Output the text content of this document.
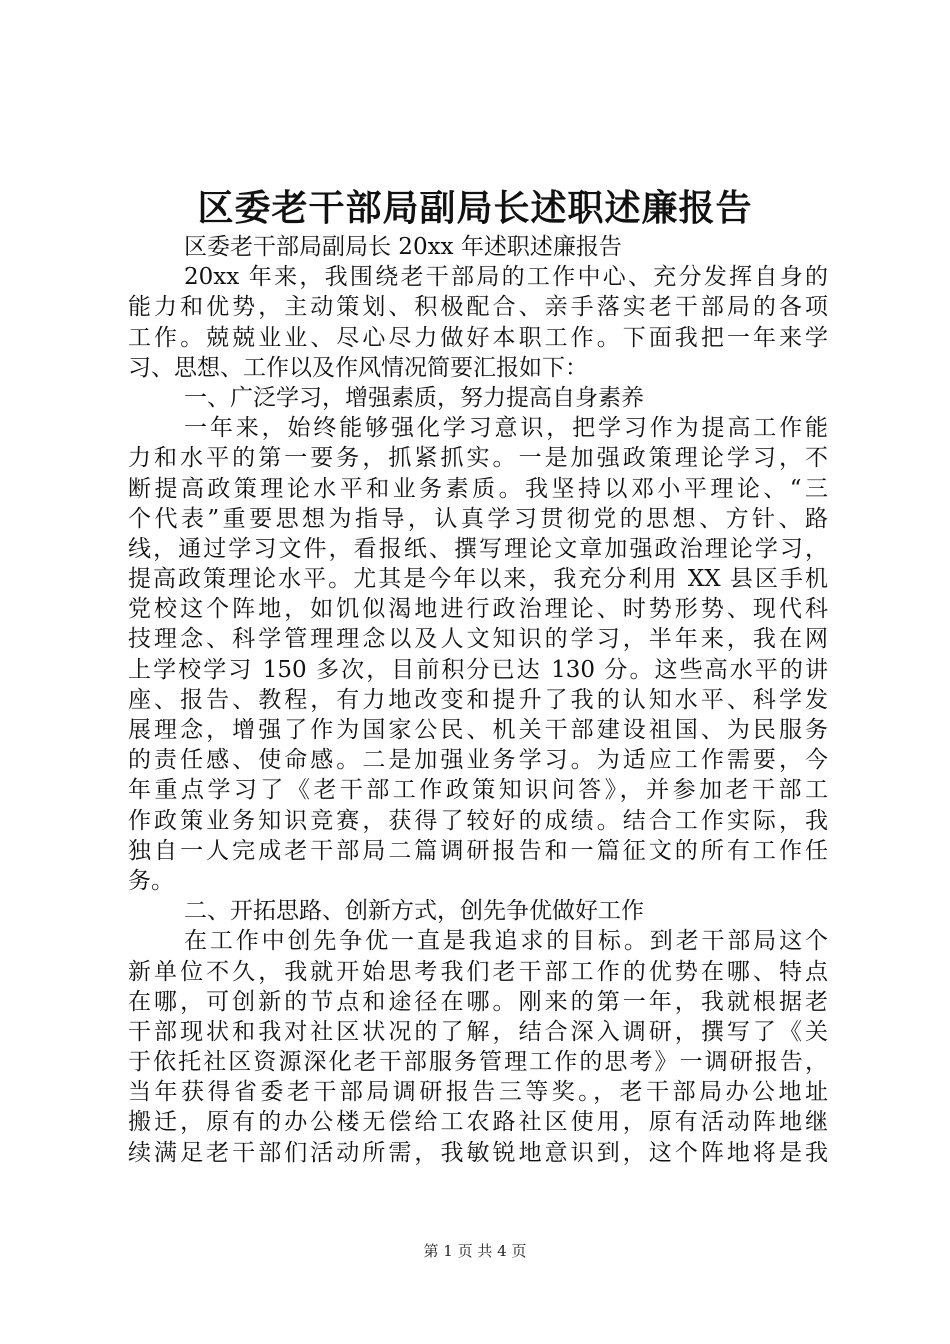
区委老干部局副局长述职述廉报告
区委老干部局副局长 20xx 年述职述廉报告
20xx 年来，我围绕老干部局的工作中心、充分发挥自身的
能力和优势，主动策划、积极配合、亲手落实老干部局的各项
工作。兢兢业业、尽心尽力做好本职工作。下面我把一年来学
习、思想、工作以及作风情况简要汇报如下：
一、广泛学习，增强素质，努力提高自身素养
一年来，始终能够强化学习意识，把学习作为提高工作能
力和水平的第一要务，抓紧抓实。一是加强政策理论学习，不
断提高政策理论水平和业务素质。我坚持以邓小平理论、“三
个代表”重要思想为指导，认真学习贯彻党的思想、方针、路
线，通过学习文件，看报纸、撰写理论文章加强政治理论学习，
提高政策理论水平。尤其是今年以来，我充分利用 XX 县区手机
党校这个阵地，如饥似渴地进行政治理论、时势形势、现代科
技理念、科学管理理念以及人文知识的学习，半年来，我在网
上学校学习 150 多次，目前积分已达 130 分。这些高水平的讲
座、报告、教程，有力地改变和提升了我的认知水平、科学发
展理念，增强了作为国家公民、机关干部建设祖国、为民服务
的责任感、使命感。二是加强业务学习。为适应工作需要，今
年重点学习了《老干部工作政策知识问答》，并参加老干部工
作政策业务知识竞赛，获得了较好的成绩。结合工作实际，我
独自一人完成老干部局二篇调研报告和一篇征文的所有工作任
务。
二、开拓思路、创新方式，创先争优做好工作
在工作中创先争优一直是我追求的目标。到老干部局这个
新单位不久，我就开始思考我们老干部工作的优势在哪、特点
在哪，可创新的节点和途径在哪。刚来的第一年，我就根据老
干部现状和我对社区状况的了解，结合深入调研，撰写了《关
于依托社区资源深化老干部服务管理工作的思考》一调研报告，
当年获得省委老干部局调研报告三等奖。，老干部局办公地址
搬迁，原有的办公楼无偿给工农路社区使用，原有活动阵地继
续满足老干部们活动所需，我敏锐地意识到，这个阵地将是我
第 1 页 共 4 页
